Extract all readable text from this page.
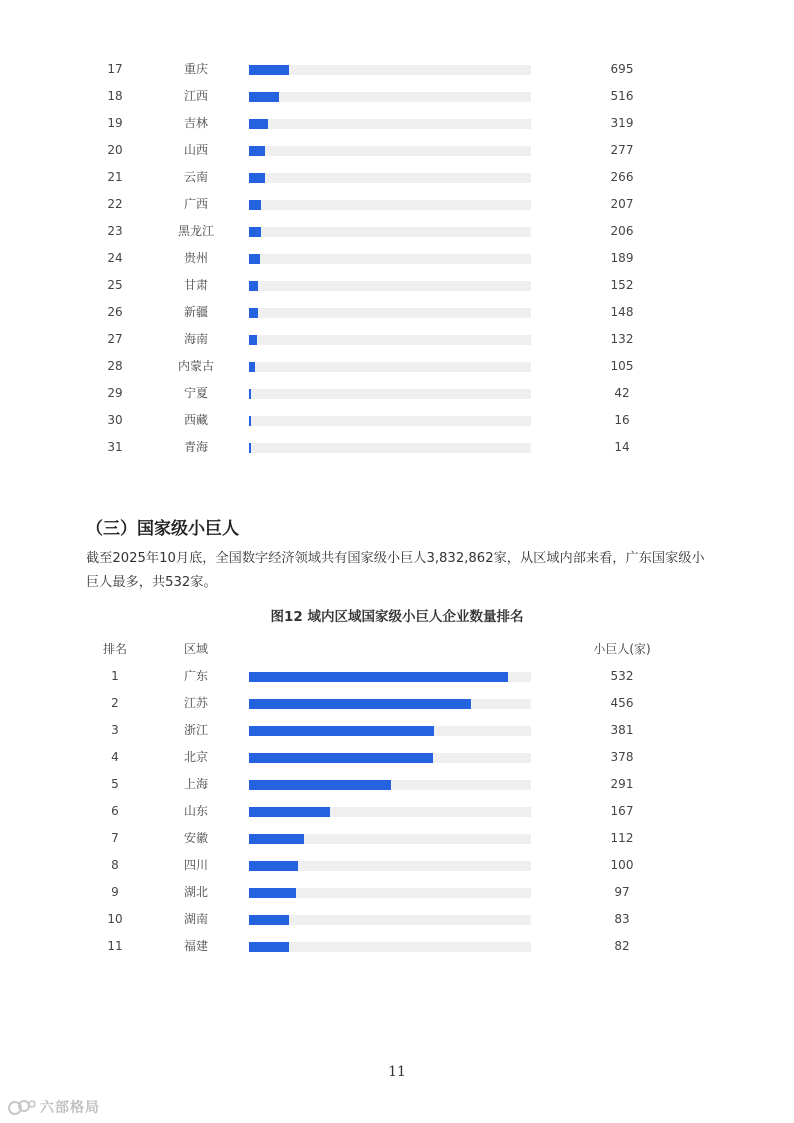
17	重庆	695
18	江西	516
19	吉林	319
20	山西	277
21	云南	266
22	广西	207
23	黑龙江	206
24	贵州	189
25	甘肃	152
26	新疆	148
27	海南	132
28	内蒙古	105
29	宁夏	42
30	西藏	16
31	青海	14
（三）国家级小巨人

截至2025年10月底，全国数字经济领域共有国家级小巨人3,832,862家，从区域内部来看，广东国家级小巨人最多，共532家。

图12 域内区域国家级小巨人企业数量排名
排名	区域	小巨人(家)
1	广东	532
2	江苏	456
3	浙江	381
4	北京	378
5	上海	291
6	山东	167
7	安徽	112
8	四川	100
9	湖北	97
10	湖南	83
11	福建	82
11
六部格局
